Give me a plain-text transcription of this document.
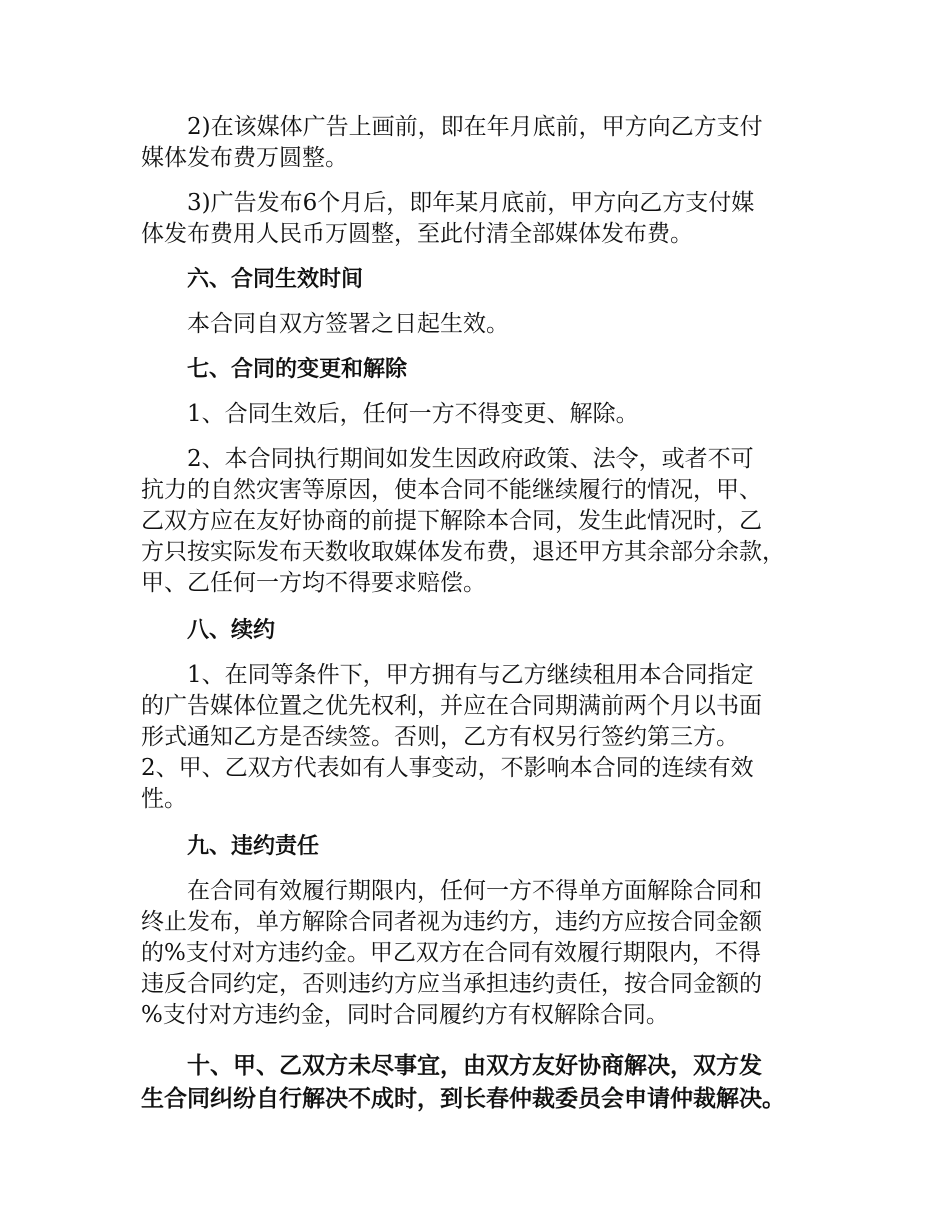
2)在该媒体广告上画前，即在年月底前，甲方向乙方支付
媒体发布费万圆整。

3)广告发布6个月后，即年某月底前，甲方向乙方支付媒
体发布费用人民币万圆整，至此付清全部媒体发布费。

六、合同生效时间

本合同自双方签署之日起生效。

七、合同的变更和解除

1、合同生效后，任何一方不得变更、解除。

2、本合同执行期间如发生因政府政策、法令，或者不可
抗力的自然灾害等原因，使本合同不能继续履行的情况，甲、
乙双方应在友好协商的前提下解除本合同，发生此情况时，乙
方只按实际发布天数收取媒体发布费，退还甲方其余部分余款，
甲、乙任何一方均不得要求赔偿。

八、续约

1、在同等条件下，甲方拥有与乙方继续租用本合同指定
的广告媒体位置之优先权利，并应在合同期满前两个月以书面
形式通知乙方是否续签。否则，乙方有权另行签约第三方。
2、甲、乙双方代表如有人事变动，不影响本合同的连续有效
性。

九、违约责任

在合同有效履行期限内，任何一方不得单方面解除合同和
终止发布，单方解除合同者视为违约方，违约方应按合同金额
的%支付对方违约金。甲乙双方在合同有效履行期限内，不得
违反合同约定，否则违约方应当承担违约责任，按合同金额的
%支付对方违约金，同时合同履约方有权解除合同。

十、甲、乙双方未尽事宜，由双方友好协商解决，双方发
生合同纠纷自行解决不成时，到长春仲裁委员会申请仲裁解决。
